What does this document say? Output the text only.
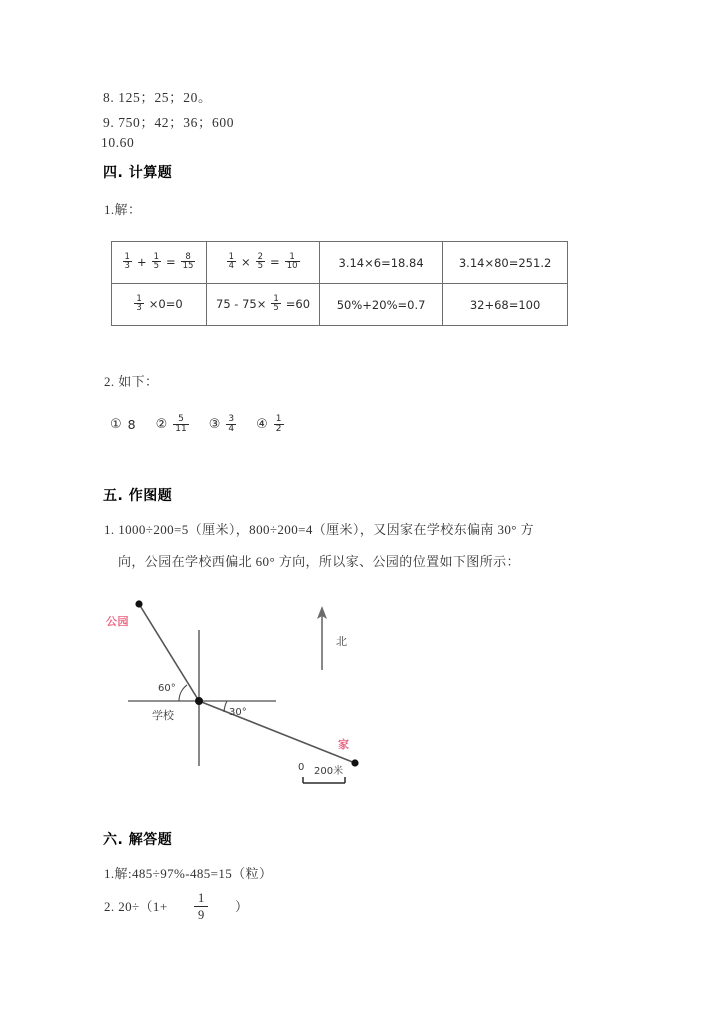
8. 125；25；20。
9. 750；42；36；600
10.60
四. 计算题
1.解：
$\frac{1}{3} + \frac{1}{5} = \frac{8}{15}$	$\frac{1}{4} \times \frac{2}{5} = \frac{1}{10}$	3.14×6=18.84	3.14×80=251.2

$\frac{1}{3} \times 0=0$	$75 - 75\times \frac{1}{5} =60$	50%+20%=0.7	32+68=100
2. 如下：
① 8 ② $\frac{5}{11}$ ③ $\frac{3}{4}$ ④ $\frac{1}{2}$
五. 作图题
1. 1000÷200=5（厘米），800÷200=4（厘米），又因家在学校东偏南 30° 方
向，公园在学校西偏北 60° 方向，所以家、公园的位置如下图所示：
公园
学校
家
北
60°
30°
0 200米
六. 解答题
1.解:485÷97%-485=15（粒）
2. $20\div(1+ \frac{1}{9}$ ）
